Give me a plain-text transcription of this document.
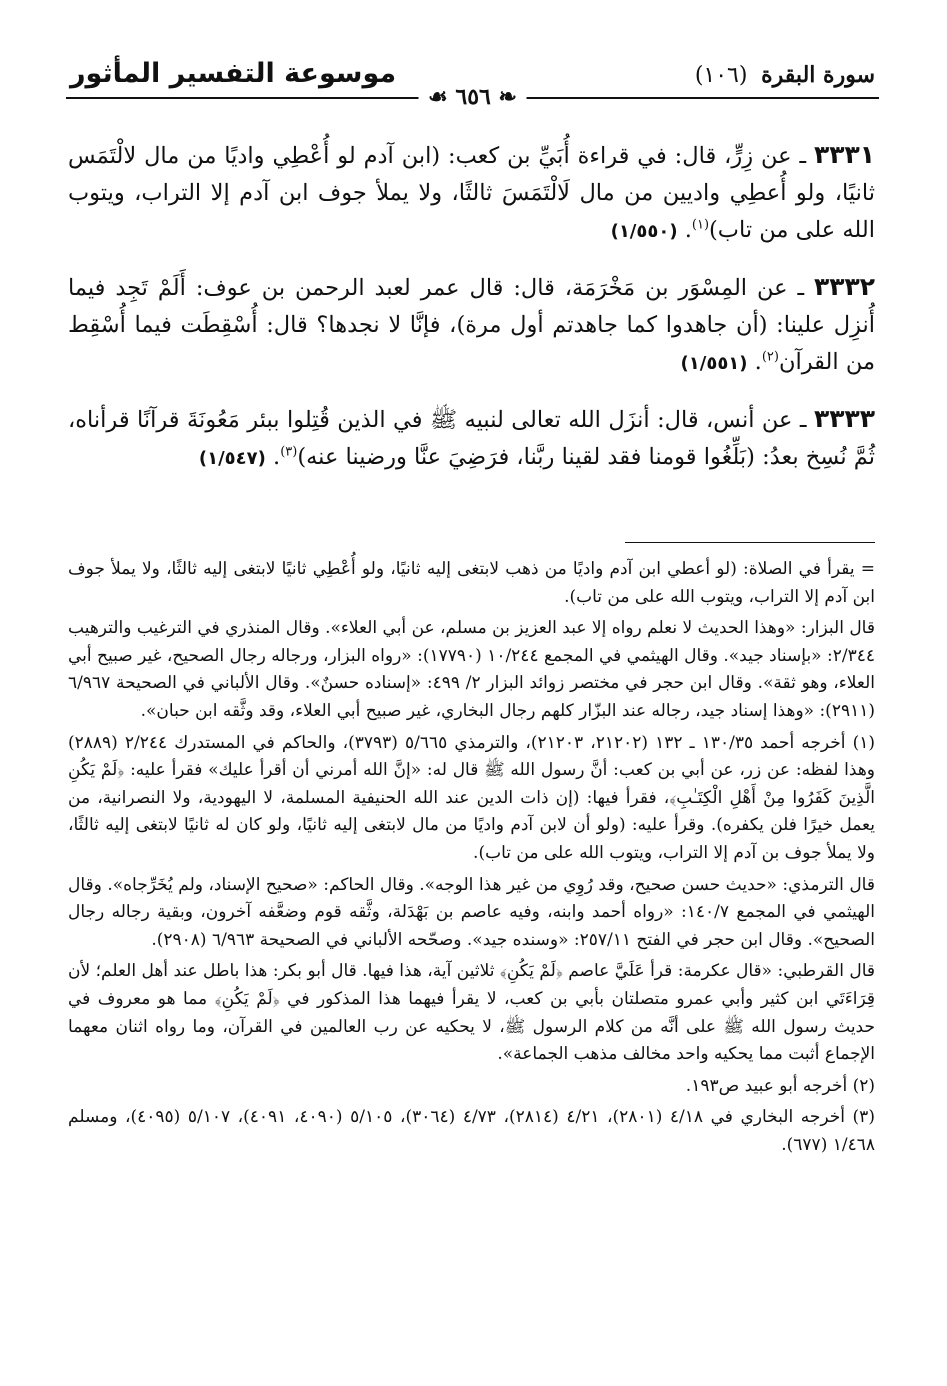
سورة البقرة (١٠٦)
موسوعة التفسير المأثور
❧ ٦٥٦ ☙

٣٣٣١ ـ عن زِرٍّ، قال: في قراءة أُبَيِّ بن كعب: (ابن آدم لو أُعْطِي واديًا من مال لالْتَمَس ثانيًا، ولو أُعطِي واديين من مال لَالْتَمَسَ ثالثًا، ولا يملأ جوف ابن آدم إلا التراب، ويتوب الله على من تاب)$^{(١)}$. (١/٥٥٠)

٣٣٣٢ ـ عن المِسْوَر بن مَخْرَمَة، قال: قال عمر لعبد الرحمن بن عوف: أَلَمْ تَجِد فيما أُنزِل علينا: (أن جاهدوا كما جاهدتم أول مرة)، فإنَّا لا نجدها؟ قال: أُسْقِطَت فيما أُسْقِط من القرآن$^{(٢)}$. (١/٥٥١)

٣٣٣٣ ـ عن أنس، قال: أنزَل الله تعالى لنبيه ﷺ في الذين قُتِلوا ببئر مَعُونَةَ قرآنًا قرأناه، ثُمَّ نُسِخ بعدُ: (بَلِّغُوا قومنا فقد لقينا ربَّنا، فرَضِيَ عنَّا ورضينا عنه)$^{(٣)}$. (١/٥٤٧)

= يقرأ في الصلاة: (لو أعطي ابن آدم واديًا من ذهب لابتغى إليه ثانيًا، ولو أُعْطِي ثانيًا لابتغى إليه ثالثًا، ولا يملأ جوف ابن آدم إلا التراب، ويتوب الله على من تاب).

قال البزار: «وهذا الحديث لا نعلم رواه إلا عبد العزيز بن مسلم، عن أبي العلاء». وقال المنذري في الترغيب والترهيب ٢/٣٤٤: «بإسناد جيد». وقال الهيثمي في المجمع ١٠/٢٤٤ (١٧٧٩٠): «رواه البزار، ورجاله رجال الصحيح، غير صبيح أبي العلاء، وهو ثقة». وقال ابن حجر في مختصر زوائد البزار ٢/ ٤٩٩: «إسناده حسنٌ». وقال الألباني في الصحيحة ٦/٩٦٧ (٢٩١١): «وهذا إسناد جيد، رجاله عند البزّار كلهم رجال البخاري، غير صبيح أبي العلاء، وقد وثَّقه ابن حبان».

(١) أخرجه أحمد ١٣٠/٣٥ ـ ١٣٢ (٢١٢٠٢، ٢١٢٠٣)، والترمذي ٥/٦٦٥ (٣٧٩٣)، والحاكم في المستدرك ٢/٢٤٤ (٢٨٨٩) وهذا لفظه: عن زر، عن أبي بن كعب: أنَّ رسول الله ﷺ قال له: «إنَّ الله أمرني أن أقرأ عليك» فقرأ عليه: ﴿لَمْ يَكُنِ الَّذِينَ كَفَرُوا مِنْ أَهْلِ الْكِتَـٰبِ﴾، فقرأ فيها: (إن ذات الدين عند الله الحنيفية المسلمة، لا اليهودية، ولا النصرانية، من يعمل خيرًا فلن يكفره). وقرأ عليه: (ولو أن لابن آدم واديًا من مال لابتغى إليه ثانيًا، ولو كان له ثانيًا لابتغى إليه ثالثًا، ولا يملأ جوف بن آدم إلا التراب، ويتوب الله على من تاب).

قال الترمذي: «حديث حسن صحيح، وقد رُوِي من غير هذا الوجه». وقال الحاكم: «صحيح الإسناد، ولم يُخَرِّجاه». وقال الهيثمي في المجمع ١٤٠/٧: «رواه أحمد وابنه، وفيه عاصم بن بَهْدَلة، وثَّقه قوم وضعَّفه آخرون، وبقية رجاله رجال الصحيح». وقال ابن حجر في الفتح ٢٥٧/١١: «وسنده جيد». وصحّحه الألباني في الصحيحة ٦/٩٦٣ (٢٩٠٨).

قال القرطبي: «قال عكرمة: قرأ عَلَيَّ عاصم ﴿لَمْ يَكُنِ﴾ ثلاثين آية، هذا فيها. قال أبو بكر: هذا باطل عند أهل العلم؛ لأن قِرَاءَتَي ابن كثير وأبي عمرو متصلتان بأبي بن كعب، لا يقرأ فيهما هذا المذكور في ﴿لَمْ يَكُنِ﴾ مما هو معروف في حديث رسول الله ﷺ على أنَّه من كلام الرسول ﷺ، لا يحكيه عن رب العالمين في القرآن، وما رواه اثنان معهما الإجماع أثبت مما يحكيه واحد مخالف مذهب الجماعة».

(٢) أخرجه أبو عبيد ص١٩٣.

(٣) أخرجه البخاري في ٤/١٨ (٢٨٠١)، ٤/٢١ (٢٨١٤)، ٤/٧٣ (٣٠٦٤)، ٥/١٠٥ (٤٠٩٠، ٤٠٩١)، ٥/١٠٧ (٤٠٩٥)، ومسلم ١/٤٦٨ (٦٧٧).
